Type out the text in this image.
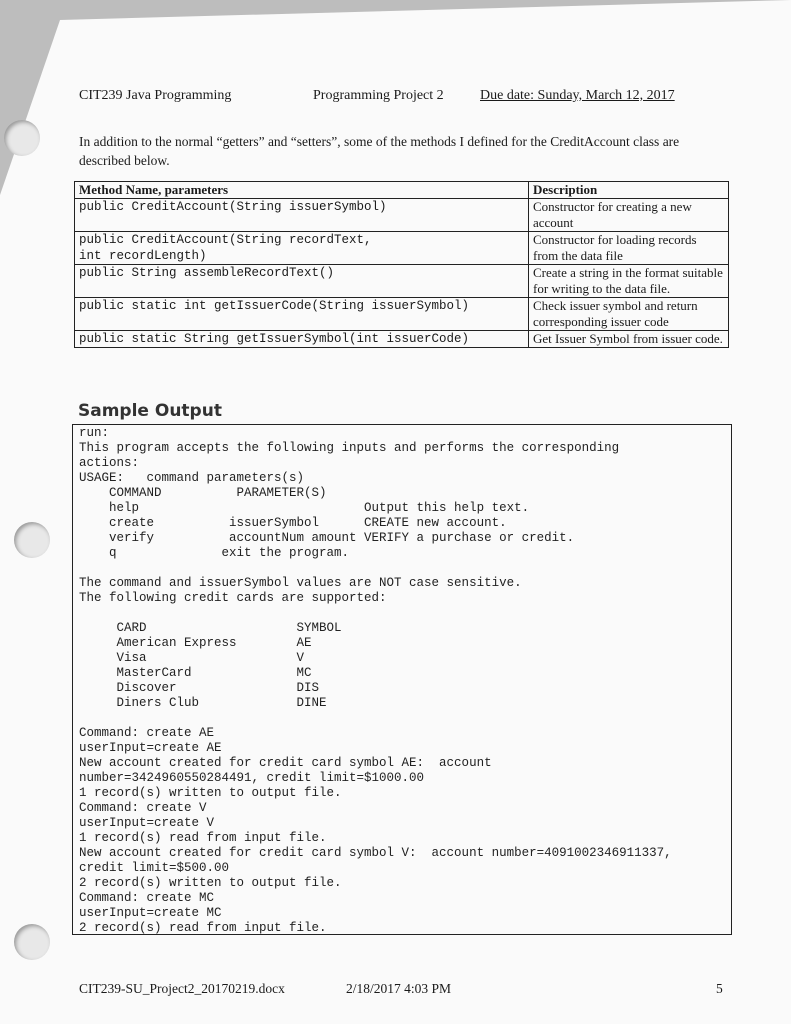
CIT239 Java Programming	Programming Project 2	Due date: Sunday, March 12, 2017
In addition to the normal “getters” and “setters”, some of the methods I defined for the CreditAccount class are described below.
Method Name, parameters	Description
public CreditAccount(String issuerSymbol)	Constructor for creating a new account
public CreditAccount(String recordText,
int recordLength)	Constructor for loading records from the data file
public String assembleRecordText()	Create a string in the format suitable for writing to the data file.
public static int getIssuerCode(String issuerSymbol)	Check issuer symbol and return corresponding issuer code
public static String getIssuerSymbol(int issuerCode)	Get Issuer Symbol from issuer code.
Sample Output
run:
This program accepts the following inputs and performs the corresponding
actions:
USAGE:   command parameters(s)
COMMAND          PARAMETER(S)
help                              Output this help text.
create          issuerSymbol      CREATE new account.
verify          accountNum amount VERIFY a purchase or credit.
q              exit the program.

The command and issuerSymbol values are NOT case sensitive.
The following credit cards are supported:

CARD                    SYMBOL
American Express        AE
Visa                    V
MasterCard              MC
Discover                DIS
Diners Club             DINE

Command: create AE
userInput=create AE
New account created for credit card symbol AE:  account
number=3424960550284491, credit limit=$1000.00
1 record(s) written to output file.
Command: create V
userInput=create V
1 record(s) read from input file.
New account created for credit card symbol V:  account number=4091002346911337,
credit limit=$500.00
2 record(s) written to output file.
Command: create MC
userInput=create MC
2 record(s) read from input file.
CIT239-SU_Project2_20170219.docx	2/18/2017 4:03 PM	5
